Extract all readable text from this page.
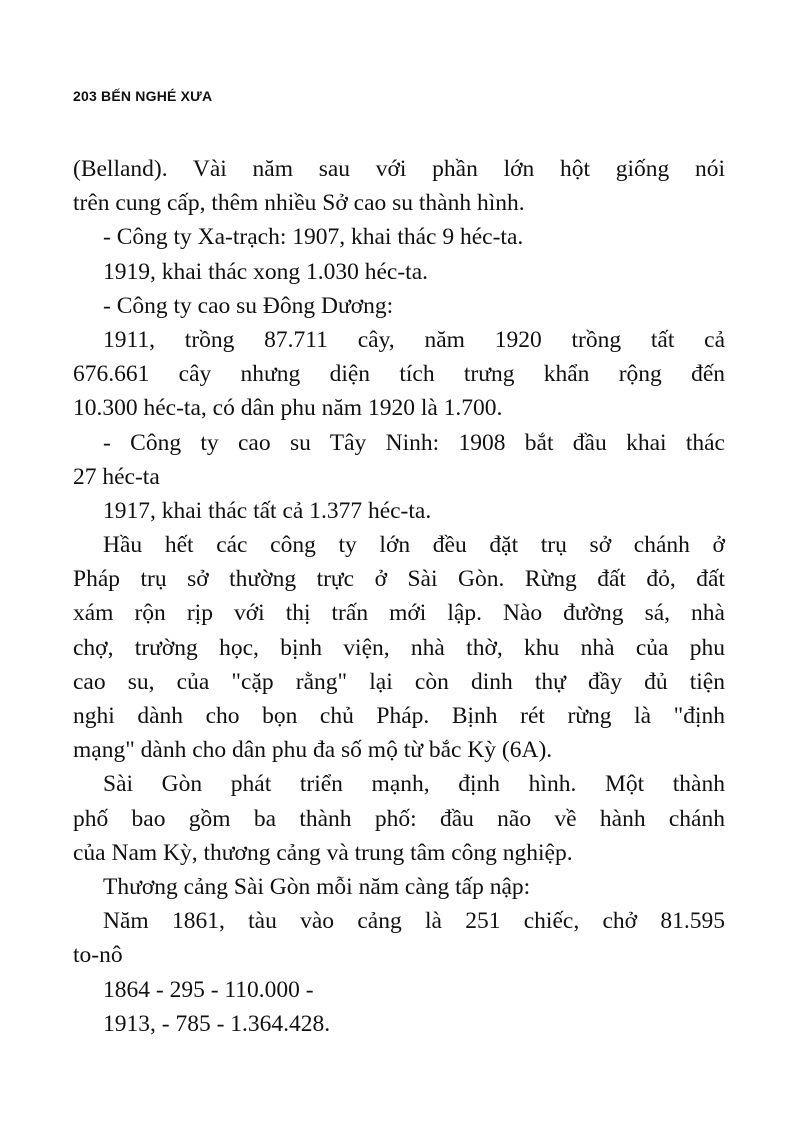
203 BẾN NGHÉ XƯA
(Belland). Vài năm sau với phần lớn hột giống nói
trên cung cấp, thêm nhiều Sở cao su thành hình.
- Công ty Xa-trạch: 1907, khai thác 9 héc-ta.
1919, khai thác xong 1.030 héc-ta.
- Công ty cao su Đông Dương:
1911, trồng 87.711 cây, năm 1920 trồng tất cả
676.661 cây nhưng diện tích trưng khẩn rộng đến
10.300 héc-ta, có dân phu năm 1920 là 1.700.
- Công ty cao su Tây Ninh: 1908 bắt đầu khai thác
27 héc-ta
1917, khai thác tất cả 1.377 héc-ta.
Hầu hết các công ty lớn đều đặt trụ sở chánh ở
Pháp trụ sở thường trực ở Sài Gòn. Rừng đất đỏ, đất
xám rộn rịp với thị trấn mới lập. Nào đường sá, nhà
chợ, trường học, bịnh viện, nhà thờ, khu nhà của phu
cao su, của "cặp rằng" lại còn dinh thự đầy đủ tiện
nghi dành cho bọn chủ Pháp. Bịnh rét rừng là "định
mạng" dành cho dân phu đa số mộ từ bắc Kỳ (6A).
Sài Gòn phát triển mạnh, định hình. Một thành
phố bao gồm ba thành phố: đầu não về hành chánh
của Nam Kỳ, thương cảng và trung tâm công nghiệp.
Thương cảng Sài Gòn mỗi năm càng tấp nập:
Năm 1861, tàu vào cảng là 251 chiếc, chở 81.595
to-nô
1864 - 295 - 110.000 -
1913, - 785 - 1.364.428.
